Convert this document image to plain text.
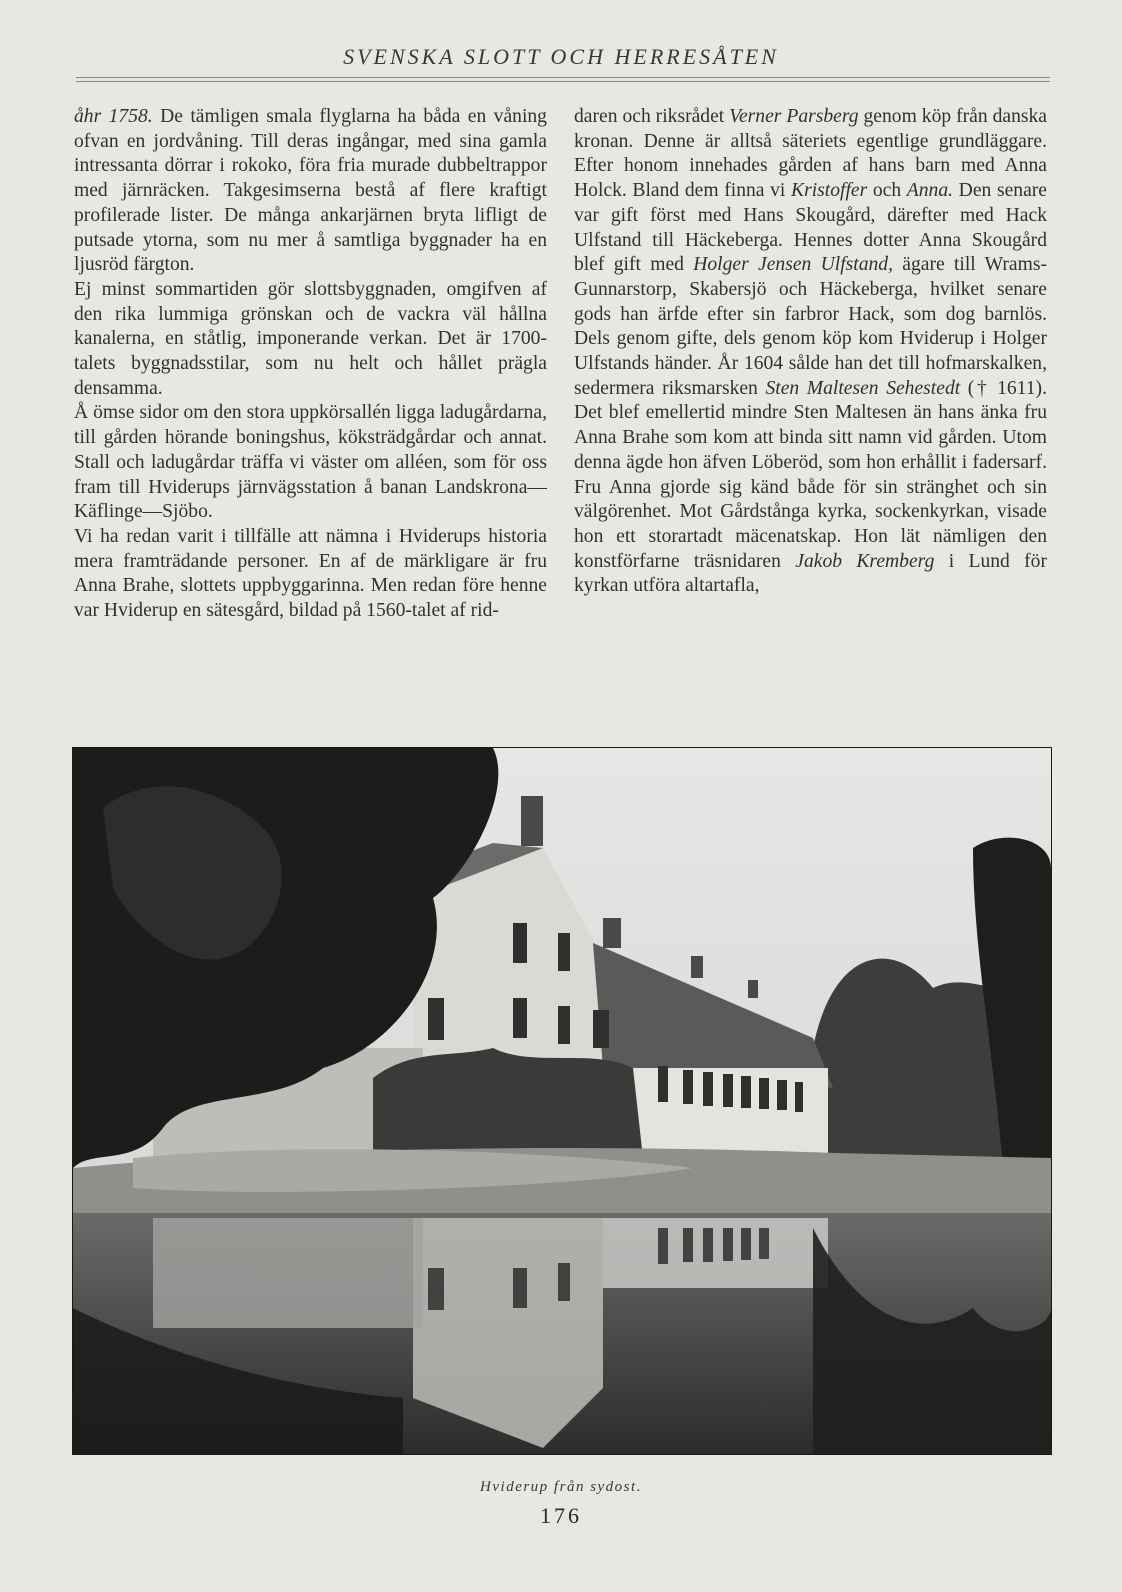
SVENSKA SLOTT OCH HERRESÅTEN

åhr 1758. De tämligen smala flyglarna ha båda en våning ofvan en jordvåning. Till deras ingångar, med sina gamla intressanta dörrar i rokoko, föra fria murade dubbeltrappor med järnräcken. Takgesimserna bestå af flere kraftigt profilerade lister. De många ankarjärnen bryta lifligt de putsade ytorna, som nu mer å samtliga byggnader ha en ljusröd färgton.

Ej minst sommartiden gör slottsbyggnaden, omgifven af den rika lummiga grönskan och de vackra väl hållna kanalerna, en ståtlig, imponerande verkan. Det är 1700-talets byggnadsstilar, som nu helt och hållet prägla densamma.

Å ömse sidor om den stora uppkörsallén ligga ladugårdarna, till gården hörande boningshus, köksträdgårdar och annat. Stall och ladugårdar träffa vi väster om alléen, som för oss fram till Hviderups järnvägsstation å banan Landskrona—Käflinge—Sjöbo.

Vi ha redan varit i tillfälle att nämna i Hviderups historia mera framträdande personer. En af de märkligare är fru Anna Brahe, slottets uppbyggarinna. Men redan före henne var Hviderup en sätesgård, bildad på 1560-talet af rid-

daren och riksrådet Verner Parsberg genom köp från danska kronan. Denne är alltså säteriets egentlige grundläggare. Efter honom innehades gården af hans barn med Anna Holck. Bland dem finna vi Kristoffer och Anna. Den senare var gift först med Hans Skougård, därefter med Hack Ulfstand till Häckeberga. Hennes dotter Anna Skougård blef gift med Holger Jensen Ulfstand, ägare till Wrams-Gunnarstorp, Skabersjö och Häckeberga, hvilket senare gods han ärfde efter sin farbror Hack, som dog barnlös. Dels genom gifte, dels genom köp kom Hviderup i Holger Ulfstands händer. År 1604 sålde han det till hofmarskalken, sedermera riksmarsken Sten Maltesen Sehestedt († 1611). Det blef emellertid mindre Sten Maltesen än hans änka fru Anna Brahe som kom att binda sitt namn vid gården. Utom denna ägde hon äfven Löberöd, som hon erhållit i fadersarf. Fru Anna gjorde sig känd både för sin stränghet och sin välgörenhet. Mot Gårdstånga kyrka, sockenkyrkan, visade hon ett storartadt mäcenatskap. Hon lät nämligen den konstförfarne träsnidaren Jakob Kremberg i Lund för kyrkan utföra altartafla,

Hviderup från sydost.
176
